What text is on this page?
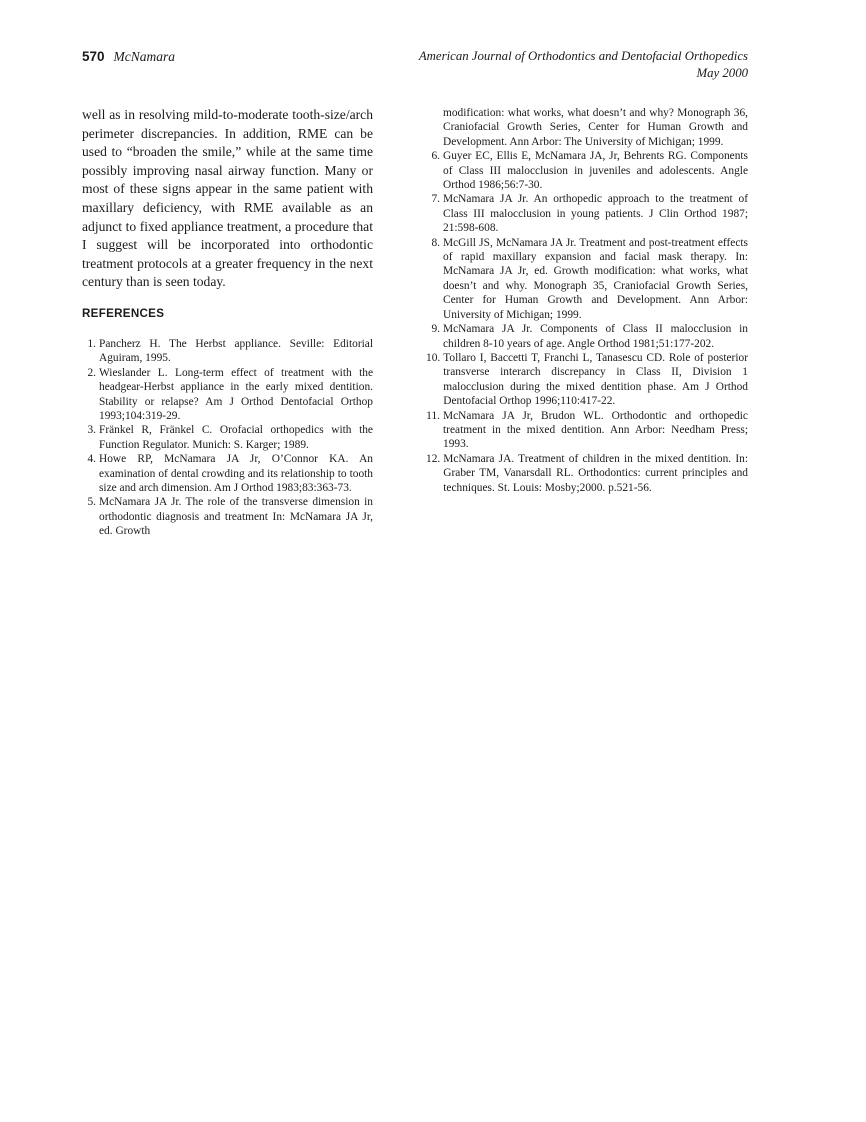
570 McNamara	American Journal of Orthodontics and Dentofacial Orthopedics
May 2000

well as in resolving mild-to-moderate tooth-size/arch perimeter discrepancies. In addition, RME can be used to “broaden the smile,” while at the same time possibly improving nasal airway function. Many or most of these signs appear in the same patient with maxillary deficiency, with RME available as an adjunct to fixed appliance treatment, a procedure that I suggest will be incorporated into orthodontic treatment protocols at a greater frequency in the next century than is seen today.

REFERENCES
1. Pancherz H. The Herbst appliance. Seville: Editorial Aguiram, 1995.
2. Wieslander L. Long-term effect of treatment with the headgear-Herbst appliance in the early mixed dentition. Stability or relapse? Am J Orthod Dentofacial Orthop 1993;104:319-29.
3. Fränkel R, Fränkel C. Orofacial orthopedics with the Function Regulator. Munich: S. Karger; 1989.
4. Howe RP, McNamara JA Jr, O’Connor KA. An examination of dental crowding and its relationship to tooth size and arch dimension. Am J Orthod 1983;83:363-73.
5. McNamara JA Jr. The role of the transverse dimension in orthodontic diagnosis and treatment In: McNamara JA Jr, ed. Growth

modification: what works, what doesn’t and why? Monograph 36, Craniofacial Growth Series, Center for Human Growth and Development. Ann Arbor: The University of Michigan; 1999.

6. Guyer EC, Ellis E, McNamara JA, Jr, Behrents RG. Components of Class III malocclusion in juveniles and adolescents. Angle Orthod 1986;56:7-30.
7. McNamara JA Jr. An orthopedic approach to the treatment of Class III malocclusion in young patients. J Clin Orthod 1987; 21:598-608.
8. McGill JS, McNamara JA Jr. Treatment and post-treatment effects of rapid maxillary expansion and facial mask therapy. In: McNamara JA Jr, ed. Growth modification: what works, what doesn’t and why. Monograph 35, Craniofacial Growth Series, Center for Human Growth and Development. Ann Arbor: University of Michigan; 1999.
9. McNamara JA Jr. Components of Class II malocclusion in children 8-10 years of age. Angle Orthod 1981;51:177-202.
10. Tollaro I, Baccetti T, Franchi L, Tanasescu CD. Role of posterior transverse interarch discrepancy in Class II, Division 1 malocclusion during the mixed dentition phase. Am J Orthod Dentofacial Orthop 1996;110:417-22.
11. McNamara JA Jr, Brudon WL. Orthodontic and orthopedic treatment in the mixed dentition. Ann Arbor: Needham Press; 1993.
12. McNamara JA. Treatment of children in the mixed dentition. In: Graber TM, Vanarsdall RL. Orthodontics: current principles and techniques. St. Louis: Mosby;2000. p.521-56.
